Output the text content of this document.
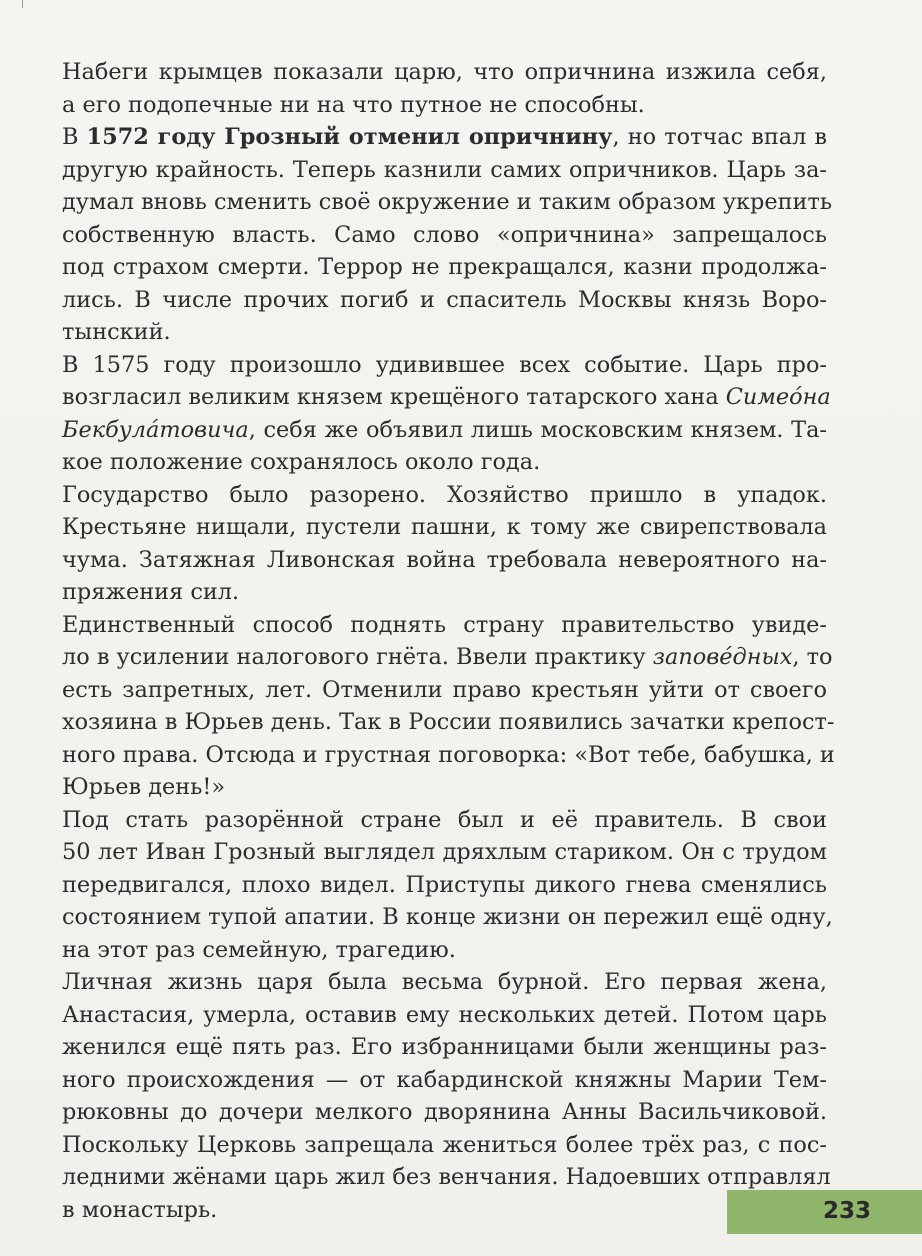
Набеги крымцев показали царю, что опричнина изжила себя,
а его подопечные ни на что путное не способны.
В 1572 году Грозный отменил опричнину, но тотчас впал в
другую крайность. Теперь казнили самих опричников. Царь за-
думал вновь сменить своё окружение и таким образом укрепить
собственную власть. Само слово «опричнина» запрещалось
под страхом смерти. Террор не прекращался, казни продолжа-
лись. В числе прочих погиб и спаситель Москвы князь Воро-
тынский.
В 1575 году произошло удивившее всех событие. Царь про-
возгласил великим князем крещёного татарского хана Симеóна
Бекбулáтовича, себя же объявил лишь московским князем. Та-
кое положение сохранялось около года.
Государство было разорено. Хозяйство пришло в упадок.
Крестьяне нищали, пустели пашни, к тому же свирепствовала
чума. Затяжная Ливонская война требовала невероятного на-
пряжения сил.
Единственный способ поднять страну правительство увиде-
ло в усилении налогового гнёта. Ввели практику заповéдных, то
есть запретных, лет. Отменили право крестьян уйти от своего
хозяина в Юрьев день. Так в России появились зачатки крепост-
ного права. Отсюда и грустная поговорка: «Вот тебе, бабушка, и
Юрьев день!»
Под стать разорённой стране был и её правитель. В свои
50 лет Иван Грозный выглядел дряхлым стариком. Он с трудом
передвигался, плохо видел. Приступы дикого гнева сменялись
состоянием тупой апатии. В конце жизни он пережил ещё одну,
на этот раз семейную, трагедию.
Личная жизнь царя была весьма бурной. Его первая жена,
Анастасия, умерла, оставив ему нескольких детей. Потом царь
женился ещё пять раз. Его избранницами были женщины раз-
ного происхождения — от кабардинской княжны Марии Тем-
рюковны до дочери мелкого дворянина Анны Васильчиковой.
Поскольку Церковь запрещала жениться более трёх раз, с пос-
ледними жёнами царь жил без венчания. Надоевших отправлял
в монастырь.	233
